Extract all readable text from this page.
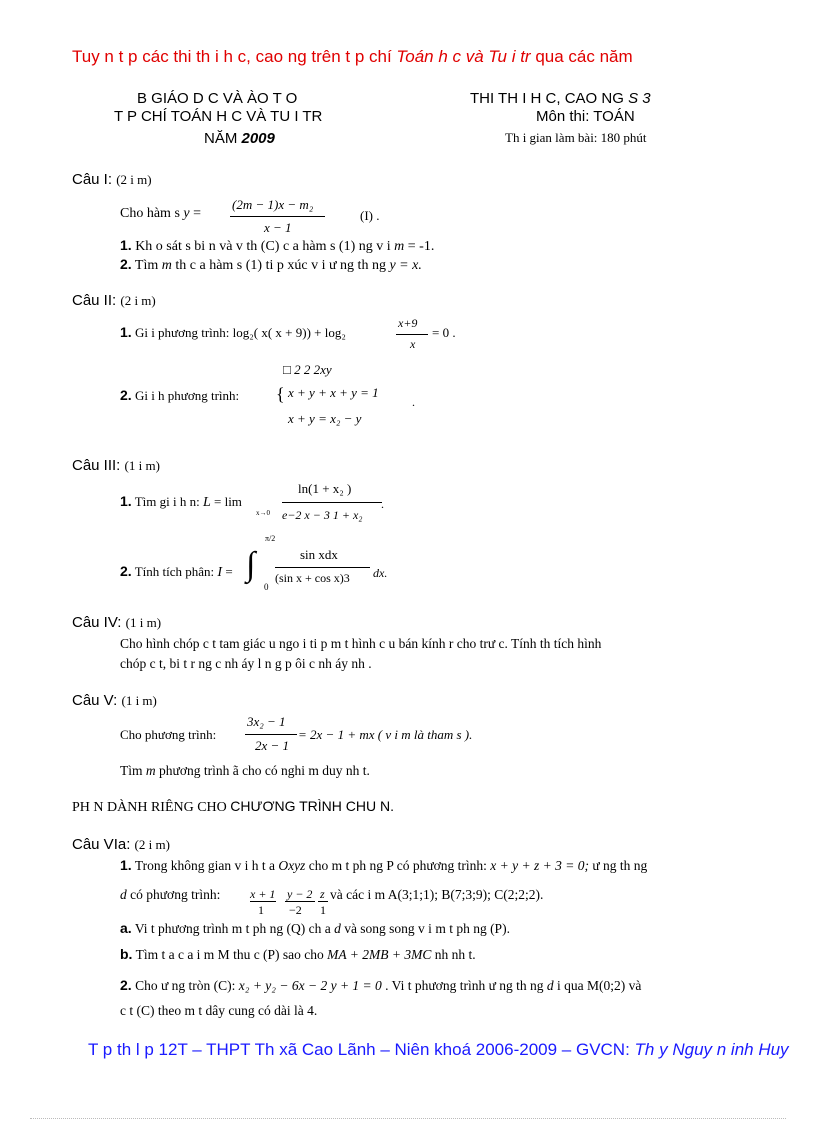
Tuy n t p các thi th i h c, cao ng trên t p chí Toán h c và Tu i tr qua các năm
B GIÁO D C VÀ ÀO T O
T P CHÍ TOÁN H C VÀ TU I TR
NĂM 2009
THI TH I H C, CAO NG S 3
Môn thi: TOÁN
Th i gian làm bài: 180 phút
Câu I: (2 i m)
Cho hàm s y =
(2m − 1)x − m₂
x − 1
(I) .
1. Kh o sát s bi n và v th (C) c a hàm s (1) ng v i m = -1.
2. Tìm m th c a hàm s (1) ti p xúc v i ư ng th ng y = x.
Câu II: (2 i m)
1. Gi i phương trình: log₂( x( x + 9)) + log₂
x+9
x
= 0 .
□ 2 2 2xy
2. Gi i h phương trình: { x + y + x + y = 1
x + y = x₂ − y
.
Câu III: (1 i m)
1. Tìm gi i h n: L = lim
x→0
ln(1 + x₂ )
e−2 x − 3 1 + x₂
.
2. Tính tích phân: I =
π/2
∫
0
sin xdx
(sin x + cos x)3 dx.
Câu IV: (1 i m)
Cho hình chóp c t tam giác u ngo i ti p m t hình c u bán kính r cho trư c. Tính th tích hình
chóp c t, bi t r ng c nh áy l n g p ôi c nh áy nh .
Câu V: (1 i m)
Cho phương trình:
3x₂ − 1
2x − 1
= 2x − 1 + mx ( v i m là tham s ).
Tìm m phương trình ã cho có nghi m duy nh t.
PH N DÀNH RIÊNG CHO CHƯƠNG TRÌNH CHU N.
Câu VIa: (2 i m)
1. Trong không gian v i h t a Oxyz cho m t ph ng P có phương trình: x + y + z + 3 = 0; ư ng th ng
d có phương trình: x + 1
1
y − 2
−2
z
1
và các i m A(3;1;1); B(7;3;9); C(2;2;2).
a. Vi t phương trình m t ph ng (Q) ch a d và song song v i m t ph ng (P).
b. Tìm t a c a i m M thu c (P) sao cho MA + 2MB + 3MC nh nh t.
2. Cho ư ng tròn (C): x₂ + y₂ − 6x − 2 y + 1 = 0 . Vi t phương trình ư ng th ng d i qua M(0;2) và
c t (C) theo m t dây cung có dài là 4.
T p th l p 12T – THPT Th xã Cao Lãnh – Niên khoá 2006-2009 – GVCN: Th y Nguy n inh Huy
